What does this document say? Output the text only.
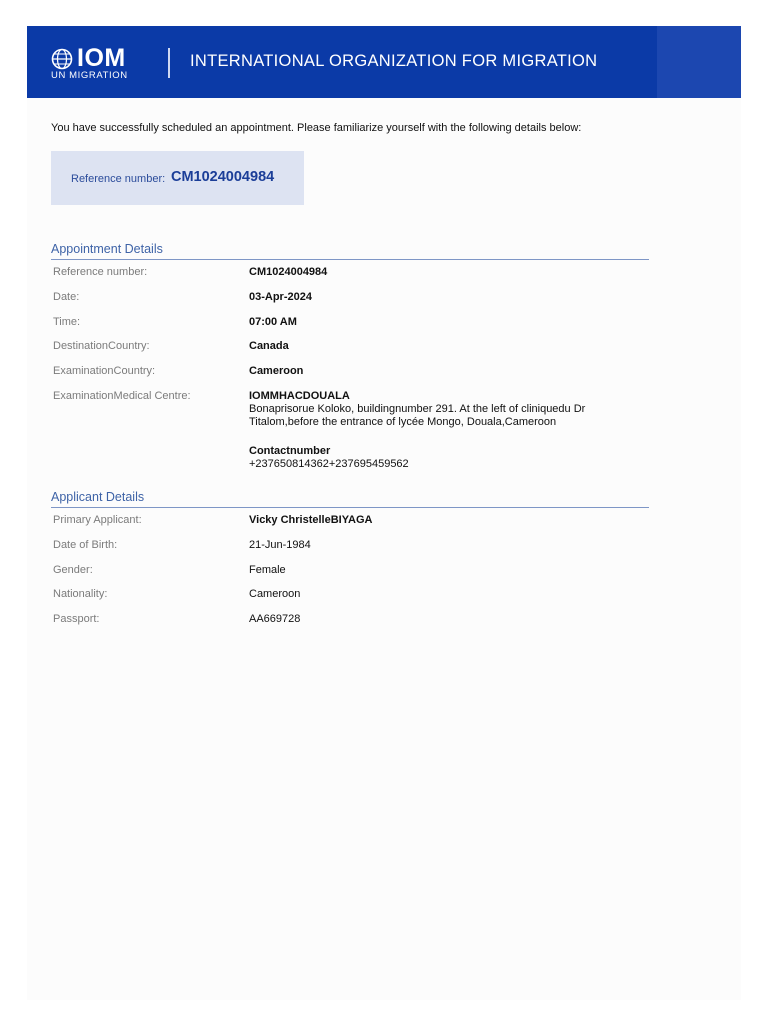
IOM
UN MIGRATION
INTERNATIONAL ORGANIZATION FOR MIGRATION
You have successfully scheduled an appointment. Please familiarize yourself with the following details below:
Reference number: CM1024004984
Appointment Details
Reference number:	CM1024004984
Date:	03-Apr-2024
Time:	07:00 AM
DestinationCountry:	Canada
ExaminationCountry:	Cameroon
ExaminationMedical Centre:	IOMMHACDOUALA
Bonaprisorue Koloko, buildingnumber 291. At the left of cliniquedu Dr
Titalom,before the entrance of lycée Mongo, Douala,Cameroon
Contactnumber
+237650814362+237695459562
Applicant Details
Primary Applicant:	Vicky ChristelleBIYAGA
Date of Birth:	21-Jun-1984
Gender:	Female
Nationality:	Cameroon
Passport:	AA669728
